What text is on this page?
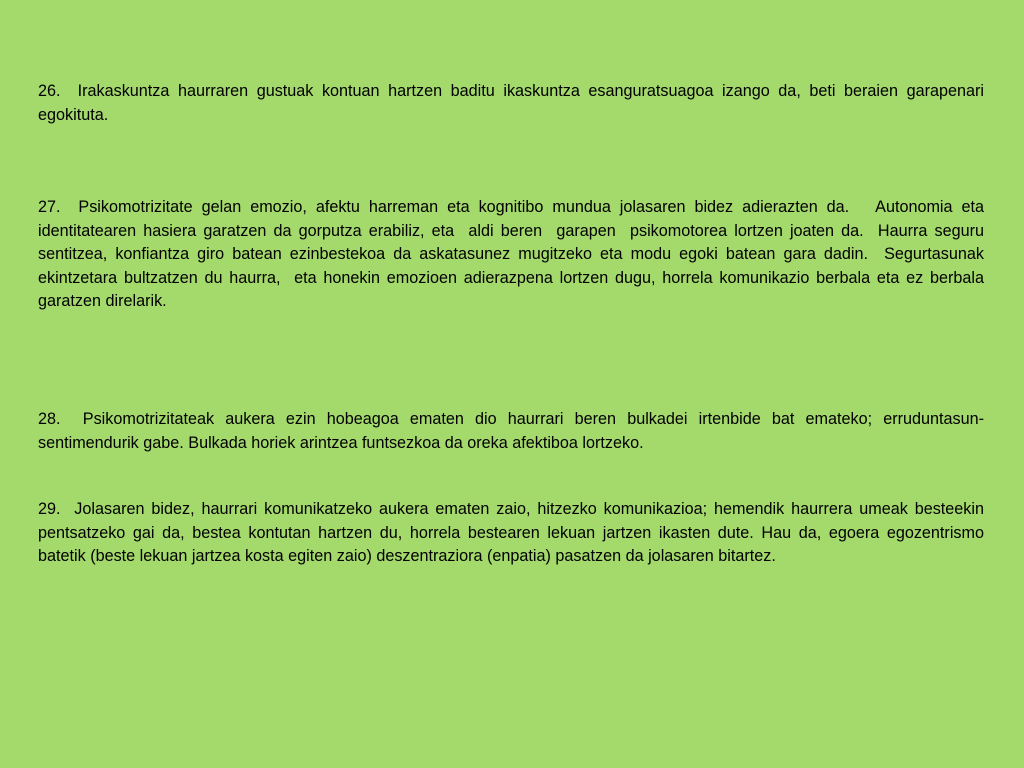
26.  Irakaskuntza haurraren gustuak kontuan hartzen baditu ikaskuntza esanguratsuagoa izango da, beti beraien garapenari egokituta.

27.  Psikomotrizitate gelan emozio, afektu harreman eta kognitibo mundua jolasaren bidez adierazten da.   Autonomia eta identitatearen hasiera garatzen da gorputza erabiliz, eta  aldi beren  garapen  psikomotorea lortzen joaten da.  Haurra seguru sentitzea, konfiantza giro batean ezinbestekoa da askatasunez mugitzeko eta modu egoki batean gara dadin.  Segurtasunak ekintzetara bultzatzen du haurra,  eta honekin emozioen adierazpena lortzen dugu, horrela komunikazio berbala eta ez berbala garatzen direlarik.

28.  Psikomotrizitateak aukera ezin hobeagoa ematen dio haurrari beren bulkadei irtenbide bat emateko; erruduntasun-sentimendurik gabe. Bulkada horiek arintzea funtsezkoa da oreka afektiboa lortzeko.

29.  Jolasaren bidez, haurrari komunikatzeko aukera ematen zaio, hitzezko komunikazioa; hemendik haurrera umeak besteekin pentsatzeko gai da, bestea kontutan hartzen du, horrela bestearen lekuan jartzen ikasten dute. Hau da, egoera egozentrismo batetik (beste lekuan jartzea kosta egiten zaio) deszentraziora (enpatia) pasatzen da jolasaren bitartez.
